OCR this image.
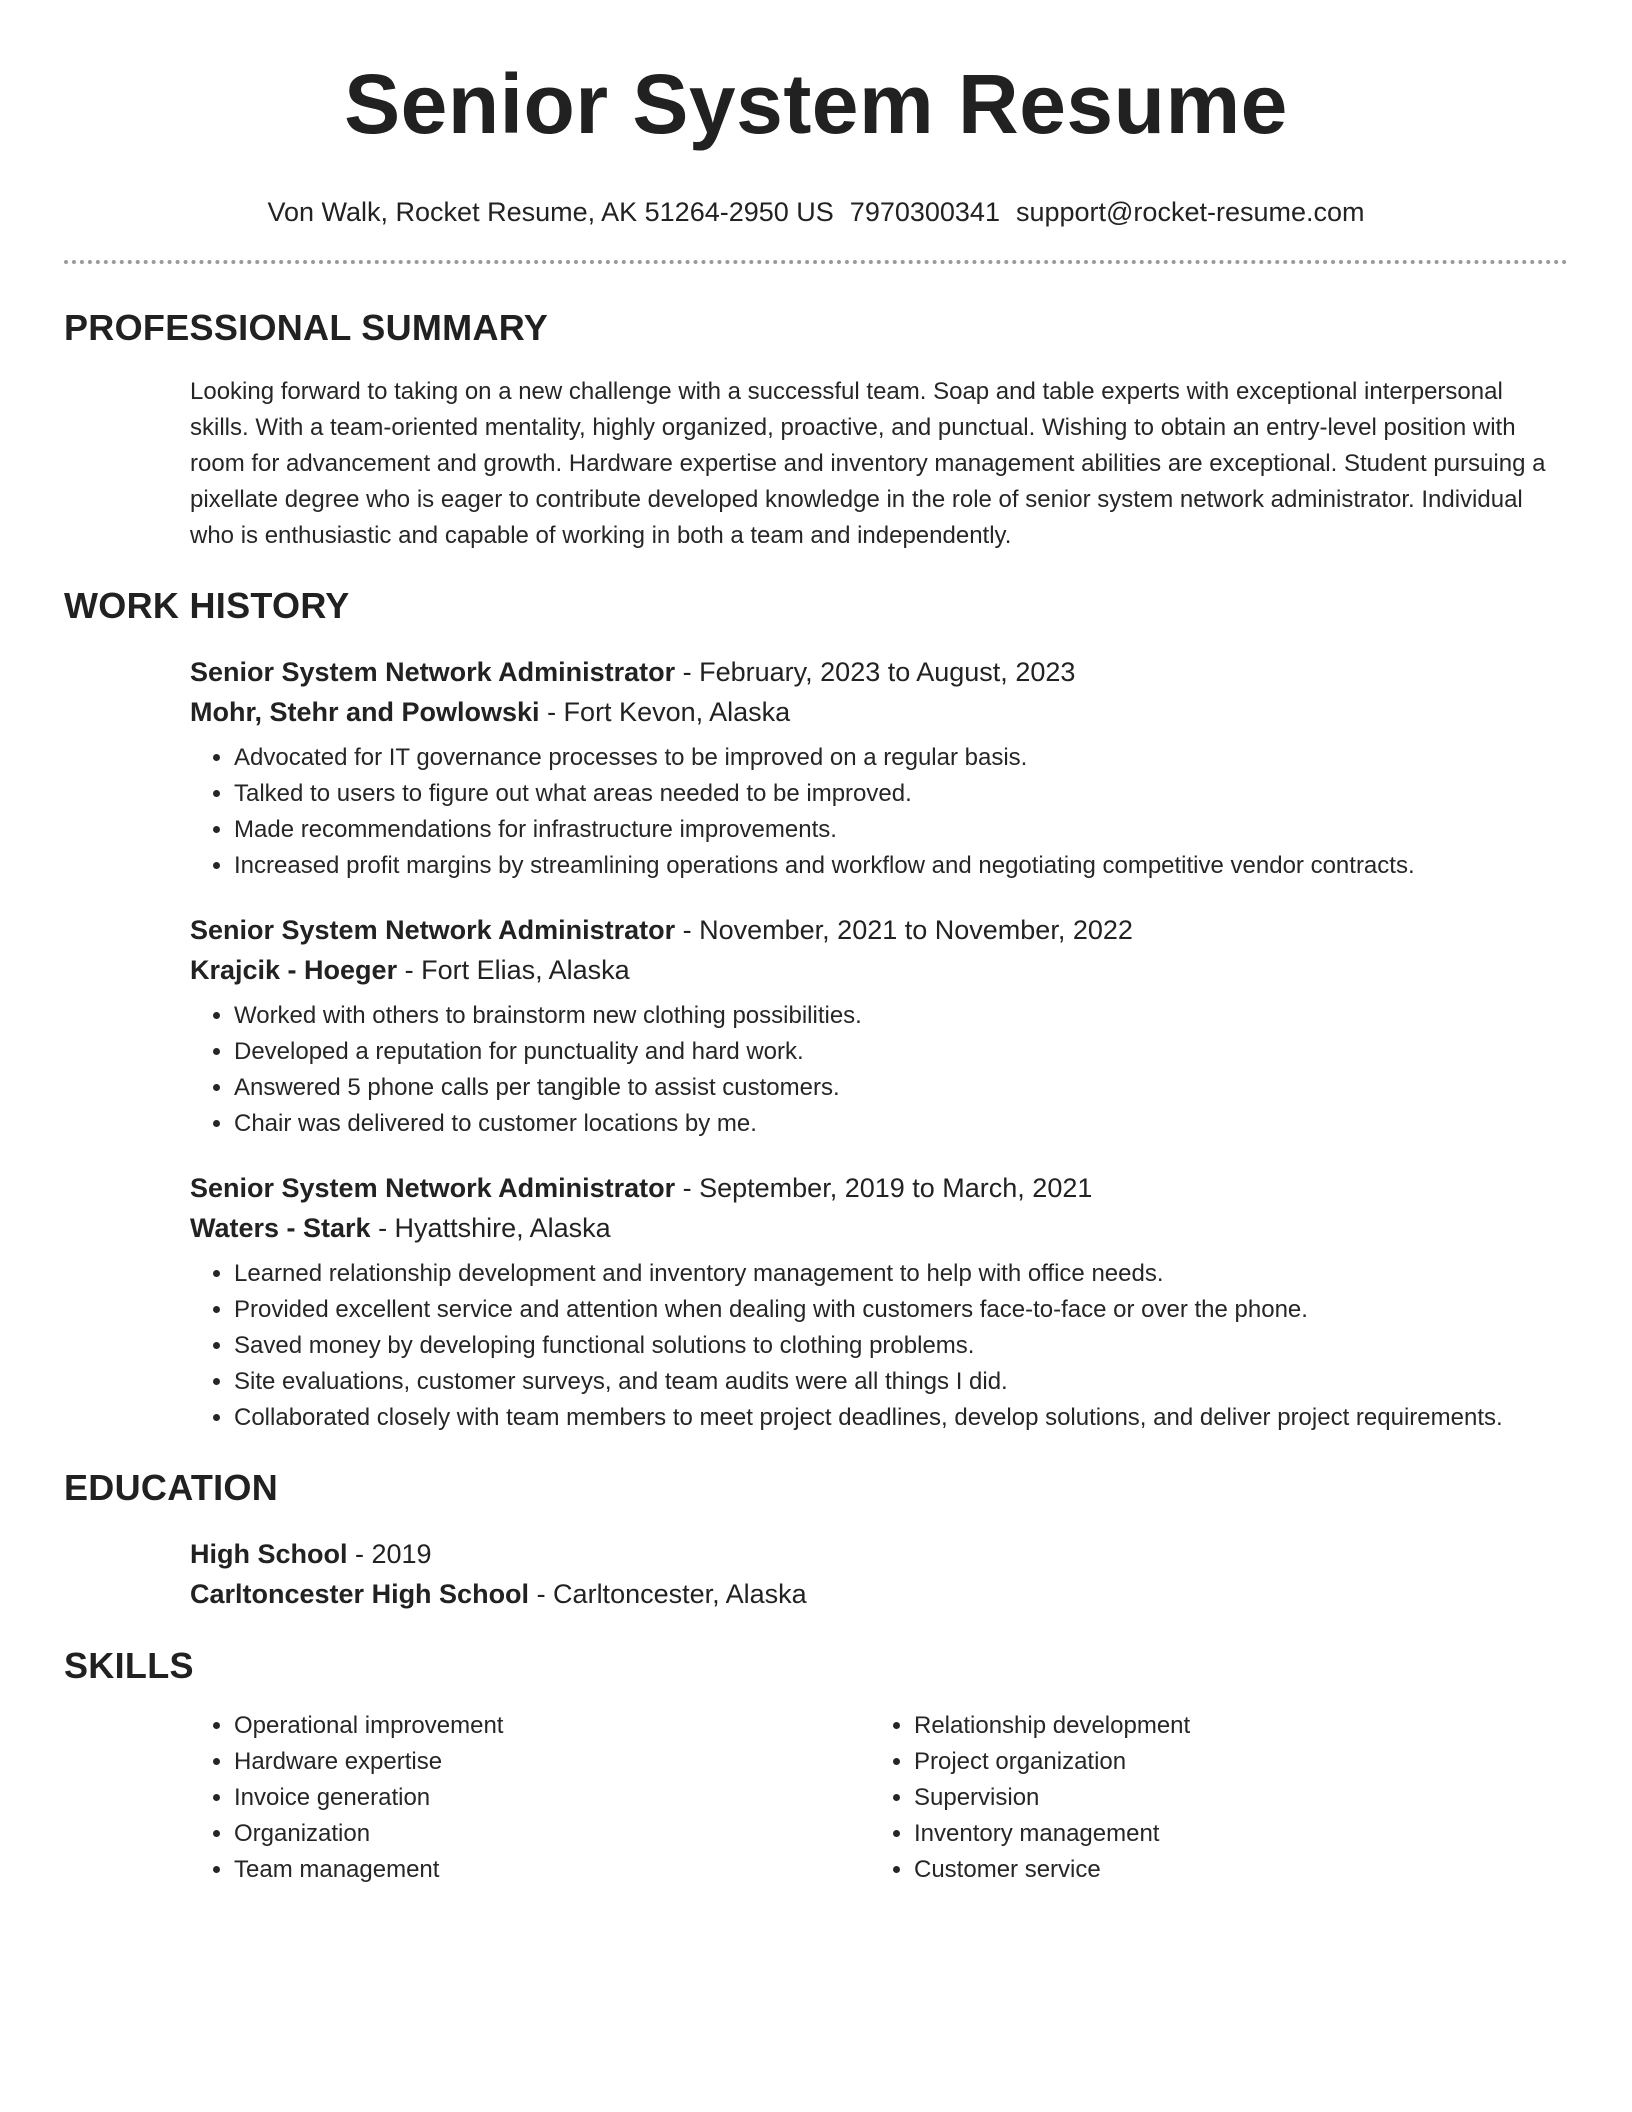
Senior System Resume
Von Walk, Rocket Resume, AK 51264-2950 US 7970300341 support@rocket-resume.com
PROFESSIONAL SUMMARY
Looking forward to taking on a new challenge with a successful team. Soap and table experts with exceptional interpersonal skills. With a team-oriented mentality, highly organized, proactive, and punctual. Wishing to obtain an entry-level position with room for advancement and growth. Hardware expertise and inventory management abilities are exceptional. Student pursuing a pixellate degree who is eager to contribute developed knowledge in the role of senior system network administrator. Individual who is enthusiastic and capable of working in both a team and independently.
WORK HISTORY
Senior System Network Administrator - February, 2023 to August, 2023
Mohr, Stehr and Powlowski - Fort Kevon, Alaska
• Advocated for IT governance processes to be improved on a regular basis.
• Talked to users to figure out what areas needed to be improved.
• Made recommendations for infrastructure improvements.
• Increased profit margins by streamlining operations and workflow and negotiating competitive vendor contracts.
Senior System Network Administrator - November, 2021 to November, 2022
Krajcik - Hoeger - Fort Elias, Alaska
• Worked with others to brainstorm new clothing possibilities.
• Developed a reputation for punctuality and hard work.
• Answered 5 phone calls per tangible to assist customers.
• Chair was delivered to customer locations by me.
Senior System Network Administrator - September, 2019 to March, 2021
Waters - Stark - Hyattshire, Alaska
• Learned relationship development and inventory management to help with office needs.
• Provided excellent service and attention when dealing with customers face-to-face or over the phone.
• Saved money by developing functional solutions to clothing problems.
• Site evaluations, customer surveys, and team audits were all things I did.
• Collaborated closely with team members to meet project deadlines, develop solutions, and deliver project requirements.
EDUCATION
High School - 2019
Carltoncester High School - Carltoncester, Alaska
SKILLS
• Operational improvement
• Hardware expertise
• Invoice generation
• Organization
• Team management
• Relationship development
• Project organization
• Supervision
• Inventory management
• Customer service
